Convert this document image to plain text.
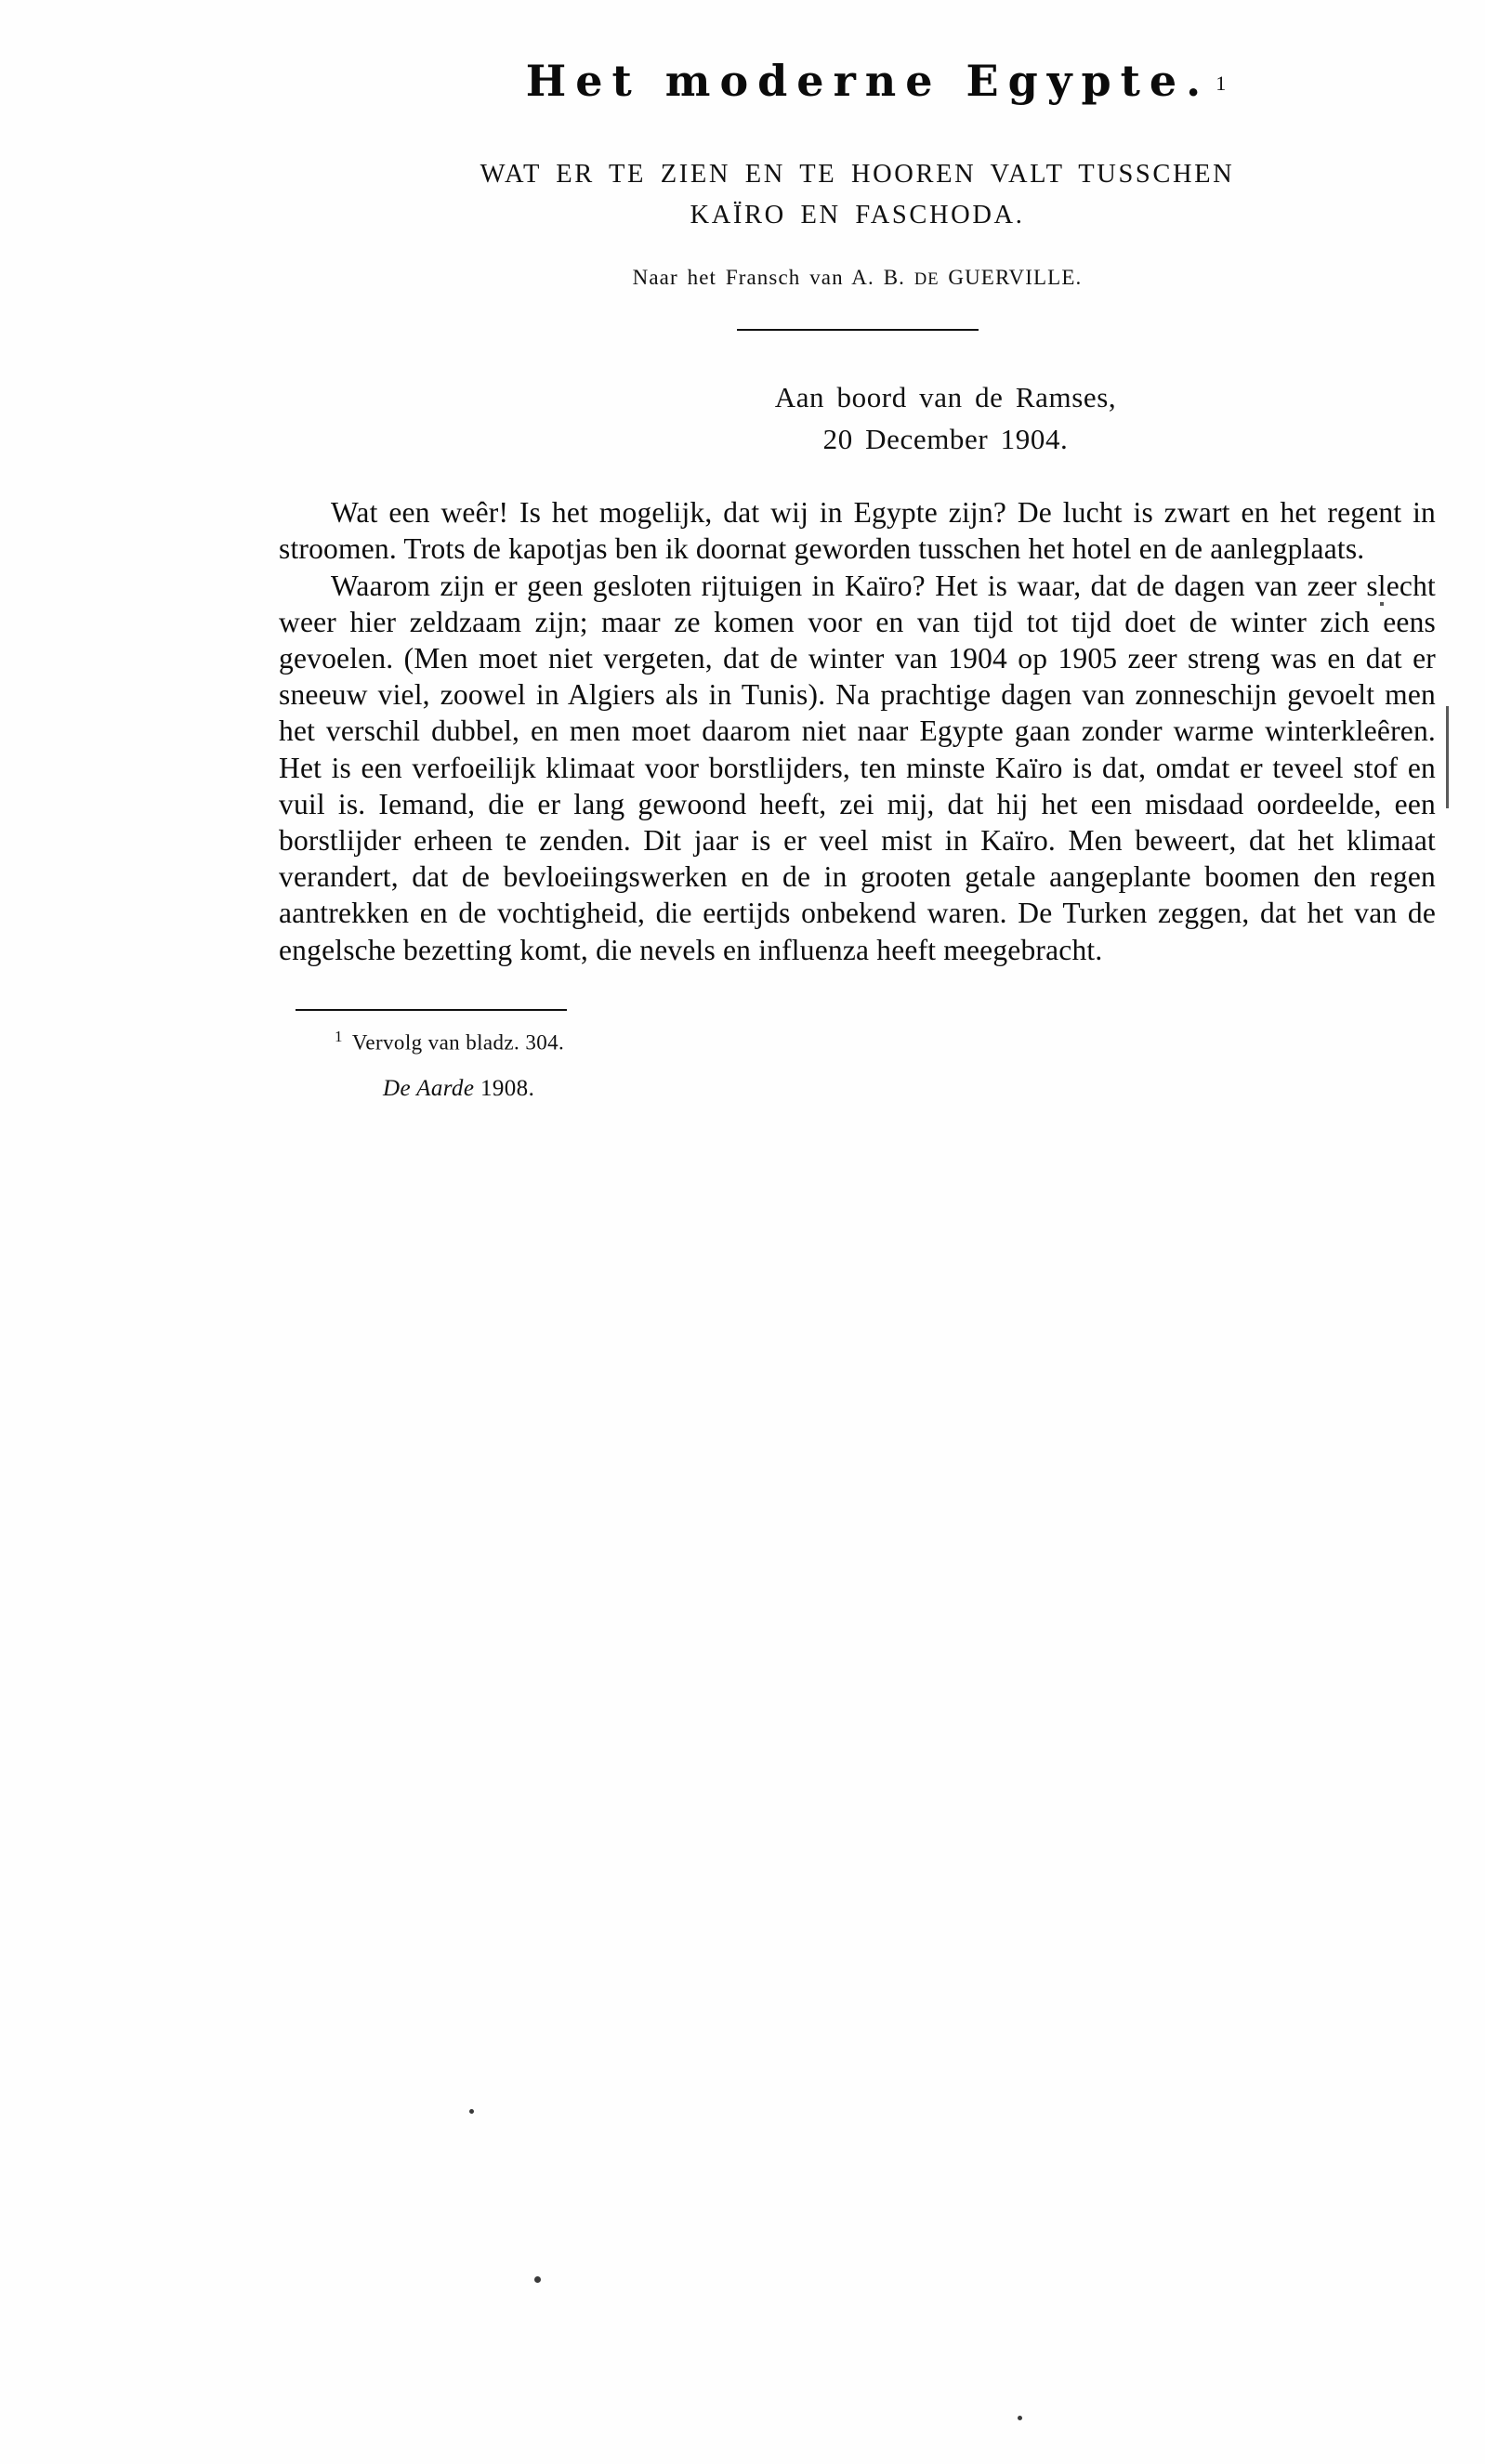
Het moderne Egypte. 1
WAT ER TE ZIEN EN TE HOOREN VALT TUSSCHEN
KAÏRO EN FASCHODA.
Naar het Fransch van A. B. DE GUERVILLE.
Aan boord van de Ramses,
20 December 1904.

Wat een weêr! Is het mogelijk, dat wij in Egypte zijn? De lucht is zwart en het regent in stroomen. Trots de kapotjas ben ik doornat geworden tusschen het hotel en de aanlegplaats.

Waarom zijn er geen gesloten rijtuigen in Kaïro? Het is waar, dat de dagen van zeer slecht weer hier zeldzaam zijn; maar ze komen voor en van tijd tot tijd doet de winter zich eens gevoelen. (Men moet niet vergeten, dat de winter van 1904 op 1905 zeer streng was en dat er sneeuw viel, zoowel in Algiers als in Tunis). Na prachtige dagen van zonneschijn gevoelt men het verschil dubbel, en men moet daarom niet naar Egypte gaan zonder warme winterkleêren. Het is een verfoeilijk klimaat voor borstlijders, ten minste Kaïro is dat, omdat er teveel stof en vuil is. Iemand, die er lang gewoond heeft, zei mij, dat hij het een misdaad oordeelde, een borstlijder erheen te zenden. Dit jaar is er veel mist in Kaïro. Men beweert, dat het klimaat verandert, dat de bevloeiingswerken en de in grooten getale aangeplante boomen den regen aantrekken en de vochtigheid, die eertijds onbekend waren. De Turken zeggen, dat het van de engelsche bezetting komt, die nevels en influenza heeft meegebracht.

$^1$ Vervolg van bladz. 304.
De Aarde 1908.
